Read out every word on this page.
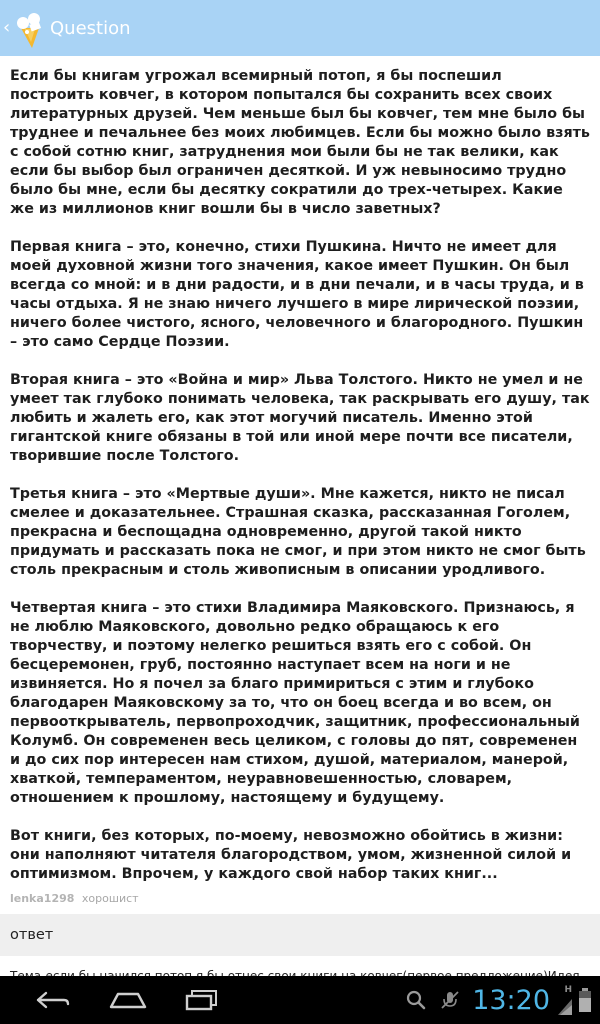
‹ Question

Если бы книгам угрожал всемирный потоп, я бы поспешил построить ковчег, в котором попытался бы сохранить всех своих литературных друзей. Чем меньше был бы ковчег, тем мне было бы труднее и печальнее без моих любимцев. Если бы можно было взять с собой сотню книг, затруднения мои были бы не так велики, как если бы выбор был ограничен десяткой. И уж невыносимо трудно было бы мне, если бы десятку сократили до трех-четырех. Какие же из миллионов книг вошли бы в число заветных?

Первая книга – это, конечно, стихи Пушкина. Ничто не имеет для моей духовной жизни того значения, какое имеет Пушкин. Он был всегда со мной: и в дни радости, и в дни печали, и в часы труда, и в часы отдыха. Я не знаю ничего лучшего в мире лирической поэзии, ничего более чистого, ясного, человечного и благородного. Пушкин – это само Сердце Поэзии.

Вторая книга – это «Война и мир» Льва Толстого. Никто не умел и не умеет так глубоко понимать человека, так раскрывать его душу, так любить и жалеть его, как этот могучий писатель. Именно этой гигантской книге обязаны в той или иной мере почти все писатели, творившие после Толстого.

Третья книга – это «Мертвые души». Мне кажется, никто не писал смелее и доказательнее. Страшная сказка, рассказанная Гоголем, прекрасна и беспощадна одновременно, другой такой никто придумать и рассказать пока не смог, и при этом никто не смог быть столь прекрасным и столь живописным в описании уродливого.

Четвертая книга – это стихи Владимира Маяковского. Признаюсь, я не люблю Маяковского, довольно редко обращаюсь к его творчеству, и поэтому нелегко решиться взять его с собой. Он бесцеремонен, груб, постоянно наступает всем на ноги и не извиняется. Но я почел за благо примириться с этим и глубоко благодарен Маяковскому за то, что он боец всегда и во всем, он первооткрыватель, первопроходчик, защитник, профессиональный Колумб. Он современен весь целиком, с головы до пят, современен и до сих пор интересен нам стихом, душой, материалом, манерой, хваткой, темпераментом, неуравновешенностью, словарем, отношением к прошлому, настоящему и будущему.

Вот книги, без которых, по-моему, невозможно обойтись в жизни: они наполняют читателя благородством, умом, жизненной силой и оптимизмом. Впрочем, у каждого свой набор таких книг...

lenka1298 хорошист
ответ
13:20 H
